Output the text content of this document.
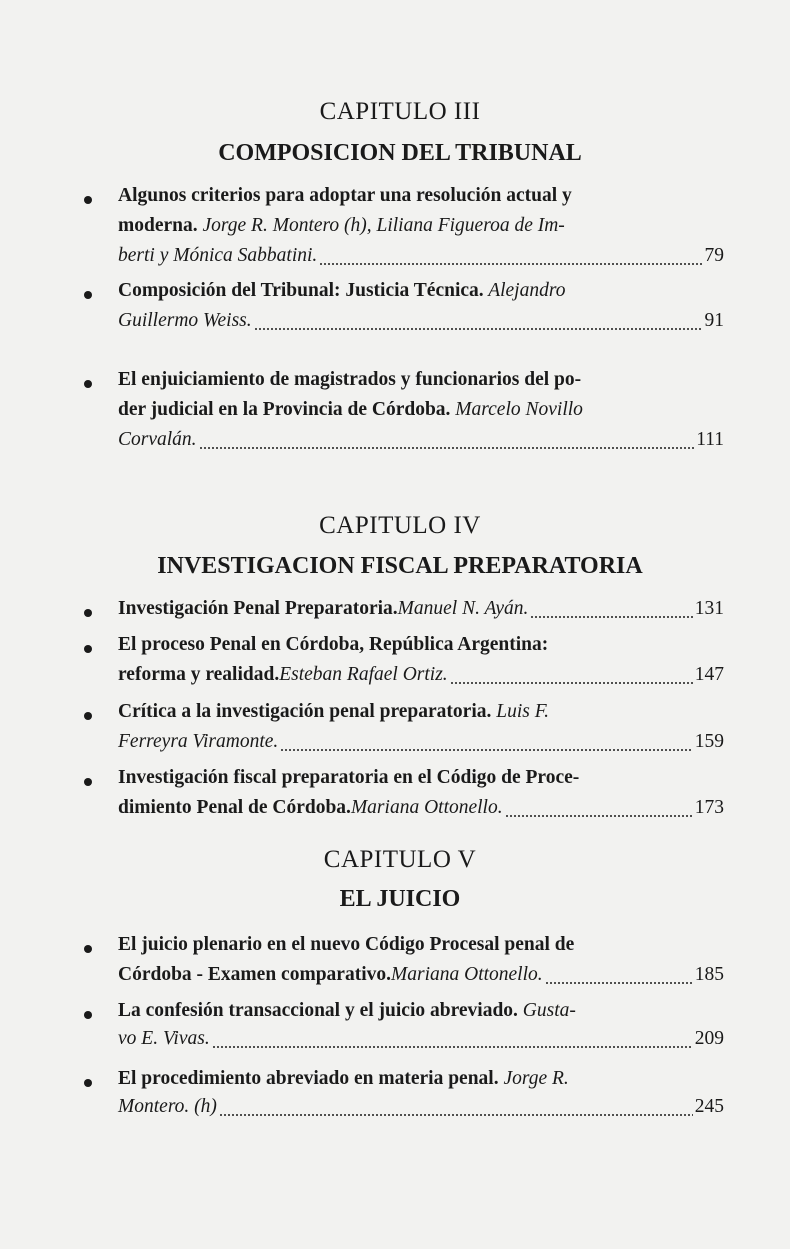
CAPITULO III
COMPOSICION DEL TRIBUNAL
Algunos criterios para adoptar una resolución actual y
moderna. Jorge R. Montero (h), Liliana Figueroa de Im-
berti y Mónica Sabbatini.	79
Composición del Tribunal: Justicia Técnica. Alejandro
Guillermo Weiss.	91
El enjuiciamiento de magistrados y funcionarios del po-
der judicial en la Provincia de Córdoba. Marcelo Novillo
Corvalán.	111
CAPITULO IV
INVESTIGACION FISCAL PREPARATORIA
Investigación Penal Preparatoria. Manuel N. Ayán.	131
El proceso Penal en Córdoba, República Argentina:
reforma y realidad. Esteban Rafael Ortiz.	147
Crítica a la investigación penal preparatoria. Luis F.
Ferreyra Viramonte.	159
Investigación fiscal preparatoria en el Código de Proce-
dimiento Penal de Córdoba. Mariana Ottonello.	173
CAPITULO V
EL JUICIO
El juicio plenario en el nuevo Código Procesal penal de
Córdoba - Examen comparativo. Mariana Ottonello.	185
La confesión transaccional y el juicio abreviado. Gusta-
vo E. Vivas.	209
El procedimiento abreviado en materia penal. Jorge R.
Montero. (h)	245
